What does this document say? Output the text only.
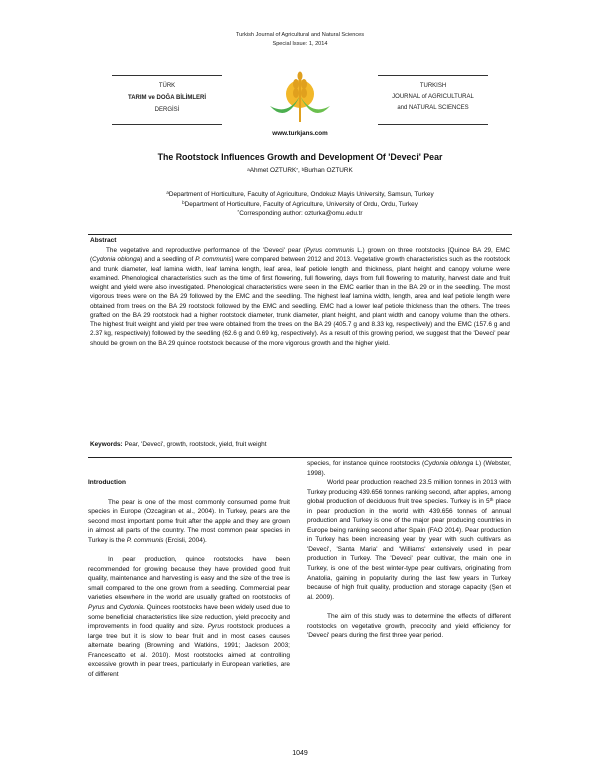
Turkish Journal of Agricultural and Natural Sciences
Special Issue: 1, 2014
TÜRK
TARIM ve DOĞA BİLİMLERİ
DERGİSİ
TURKISH
JOURNAL of AGRICULTURAL
and NATURAL SCIENCES
www.turkjans.com
The Rootstock Influences Growth and Development Of 'Deveci' Pear
$^a$Ahmet OZTURK*, $^b$Burhan OZTURK
$^a$Department of Horticulture, Faculty of Agriculture, Ondokuz Mayis University, Samsun, Turkey
$^b$Department of Horticulture, Faculty of Agriculture, University of Ordu, Ordu, Turkey
*Corresponding author: ozturka@omu.edu.tr
Abstract
The vegetative and reproductive performance of the 'Deveci' pear (Pyrus communis L.) grown on three rootstocks [Quince BA 29, EMC (Cydonia oblonga) and a seedling of P. communis] were compared between 2012 and 2013. Vegetative growth characteristics such as the rootstock and trunk diameter, leaf lamina width, leaf lamina length, leaf area, leaf petiole length and thickness, plant height and canopy volume were examined. Phenological characteristics such as the time of first flowering, full flowering, days from full flowering to maturity, harvest date and fruit weight and yield were also investigated. Phenological characteristics were seen in the EMC earlier than in the BA 29 or in the seedling. The most vigorous trees were on the BA 29 followed by the EMC and the seedling. The highest leaf lamina width, length, area and leaf petiole length were obtained from trees on the BA 29 rootstock followed by the EMC and seedling. EMC had a lower leaf petiole thickness than the others. The trees grafted on the BA 29 rootstock had a higher rootstock diameter, trunk diameter, plant height, and plant width and canopy volume than the others. The highest fruit weight and yield per tree were obtained from the trees on the BA 29 (405.7 g and 8.33 kg, respectively) and the EMC (157.6 g and 2.37 kg, respectively) followed by the seedling (62.6 g and 0.69 kg, respectively). As a result of this growing period, we suggest that the 'Deveci' pear should be grown on the BA 29 quince rootstock because of the more vigorous growth and the higher yield.
Keywords: Pear, 'Deveci', growth, rootstock, yield, fruit weight

Introduction

The pear is one of the most commonly consumed pome fruit species in Europe (Ozcagiran et al., 2004). In Turkey, pears are the second most important pome fruit after the apple and they are grown in almost all parts of the country. The most common pear species in Turkey is the P. communis (Ercisli, 2004).

In pear production, quince rootstocks have been recommended for growing because they have provided good fruit quality, maintenance and harvesting is easy and the size of the tree is small compared to the one grown from a seedling. Commercial pear varieties elsewhere in the world are usually grafted on rootstocks of Pyrus and Cydonia. Quinces rootstocks have been widely used due to some beneficial characteristics like size reduction, yield precocity and improvements in food quality and size. Pyrus rootstock produces a large tree but it is slow to bear fruit and in most cases causes alternate bearing (Browning and Watkins, 1991; Jackson 2003; Francescatto et al. 2010). Most rootstocks aimed at controlling excessive growth in pear trees, particularly in European varieties, are of different

species, for instance quince rootstocks (Cydonia oblonga L) (Webster, 1998).

World pear production reached 23.5 million tonnes in 2013 with Turkey producing 439.656 tonnes ranking second, after apples, among global production of deciduous fruit tree species. Turkey is in 5th place in pear production in the world with 439.656 tonnes of annual production and Turkey is one of the major pear producing countries in Europe being ranking second after Spain (FAO 2014). Pear production in Turkey has been increasing year by year with such cultivars as 'Deveci', 'Santa Maria' and 'Williams' extensively used in pear production in Turkey. The 'Deveci' pear cultivar, the main one in Turkey, is one of the best winter-type pear cultivars, originating from Anatolia, gaining in popularity during the last few years in Turkey because of high fruit quality, production and storage capacity (Şen et al. 2009).

The aim of this study was to determine the effects of different rootstocks on vegetative growth, precocity and yield efficiency for 'Deveci' pears during the first three year period.

1049
